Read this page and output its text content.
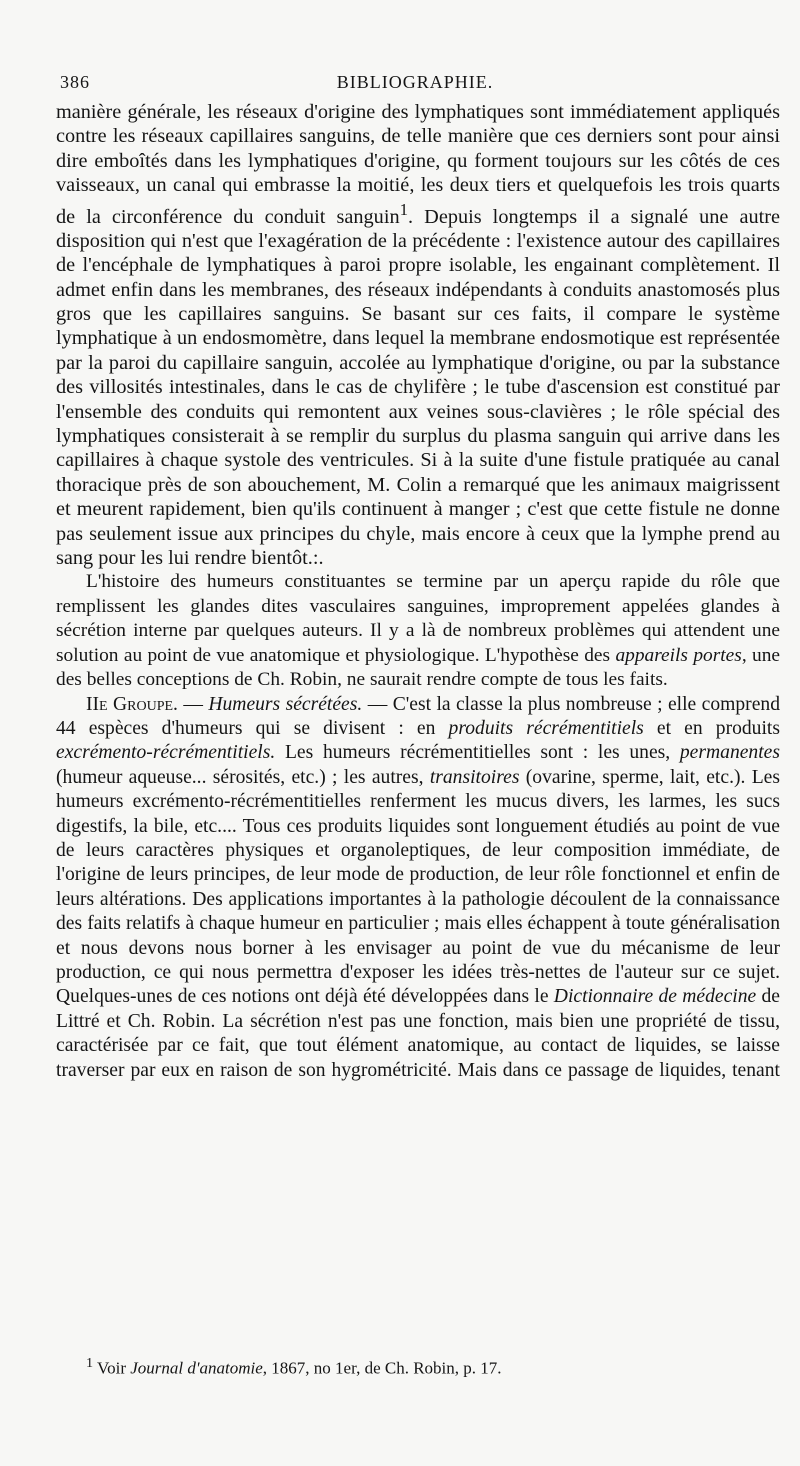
386	BIBLIOGRAPHIE.

manière générale, les réseaux d'origine des lymphatiques sont immédiatement appliqués contre les réseaux capillaires sanguins, de telle manière que ces derniers sont pour ainsi dire emboîtés dans les lymphatiques d'origine, qu forment toujours sur les côtés de ces vaisseaux, un canal qui embrasse la moitié, les deux tiers et quelquefois les trois quarts de la circonférence du conduit sanguin$^1$. Depuis longtemps il a signalé une autre disposition qui n'est que l'exagération de la précédente : l'existence autour des capillaires de l'encéphale de lymphatiques à paroi propre isolable, les engainant complètement. Il admet enfin dans les membranes, des réseaux indépendants à conduits anastomosés plus gros que les capillaires sanguins. Se basant sur ces faits, il compare le système lymphatique à un endosmomètre, dans lequel la membrane endosmotique est représentée par la paroi du capillaire sanguin, accolée au lymphatique d'origine, ou par la substance des villosités intestinales, dans le cas de chylifère ; le tube d'ascension est constitué par l'ensemble des conduits qui remontent aux veines sous-clavières ; le rôle spécial des lymphatiques consisterait à se remplir du surplus du plasma sanguin qui arrive dans les capillaires à chaque systole des ventricules. Si à la suite d'une fistule pratiquée au canal thoracique près de son abouchement, M. Colin a remarqué que les animaux maigrissent et meurent rapidement, bien qu'ils continuent à manger ; c'est que cette fistule ne donne pas seulement issue aux principes du chyle, mais encore à ceux que la lymphe prend au sang pour les lui rendre bientôt.:.

L'histoire des humeurs constituantes se termine par un aperçu rapide du rôle que remplissent les glandes dites vasculaires sanguines, improprement appelées glandes à sécrétion interne par quelques auteurs. Il y a là de nombreux problèmes qui attendent une solution au point de vue anatomique et physiologique. L'hypothèse des appareils portes, une des belles conceptions de Ch. Robin, ne saurait rendre compte de tous les faits.

IIe Groupe. — Humeurs sécrétées. — C'est la classe la plus nombreuse ; elle comprend 44 espèces d'humeurs qui se divisent : en produits récrémentitiels et en produits excrémento-récrémentitiels. Les humeurs récrémentitielles sont : les unes, permanentes (humeur aqueuse... sérosités, etc.) ; les autres, transitoires (ovarine, sperme, lait, etc.). Les humeurs excrémento-récrémentitielles renferment les mucus divers, les larmes, les sucs digestifs, la bile, etc.... Tous ces produits liquides sont longuement étudiés au point de vue de leurs caractères physiques et organoleptiques, de leur composition immédiate, de l'origine de leurs principes, de leur mode de production, de leur rôle fonctionnel et enfin de leurs altérations. Des applications importantes à la pathologie découlent de la connaissance des faits relatifs à chaque humeur en particulier ; mais elles échappent à toute généralisation et nous devons nous borner à les envisager au point de vue du mécanisme de leur production, ce qui nous permettra d'exposer les idées très-nettes de l'auteur sur ce sujet. Quelques-unes de ces notions ont déjà été développées dans le Dictionnaire de médecine de Littré et Ch. Robin. La sécrétion n'est pas une fonction, mais bien une propriété de tissu, caractérisée par ce fait, que tout élément anatomique, au contact de liquides, se laisse traverser par eux en raison de son hygrométricité. Mais dans ce passage de liquides, tenant

$^1$ Voir Journal d'anatomie, 1867, no 1er, de Ch. Robin, p. 17.
